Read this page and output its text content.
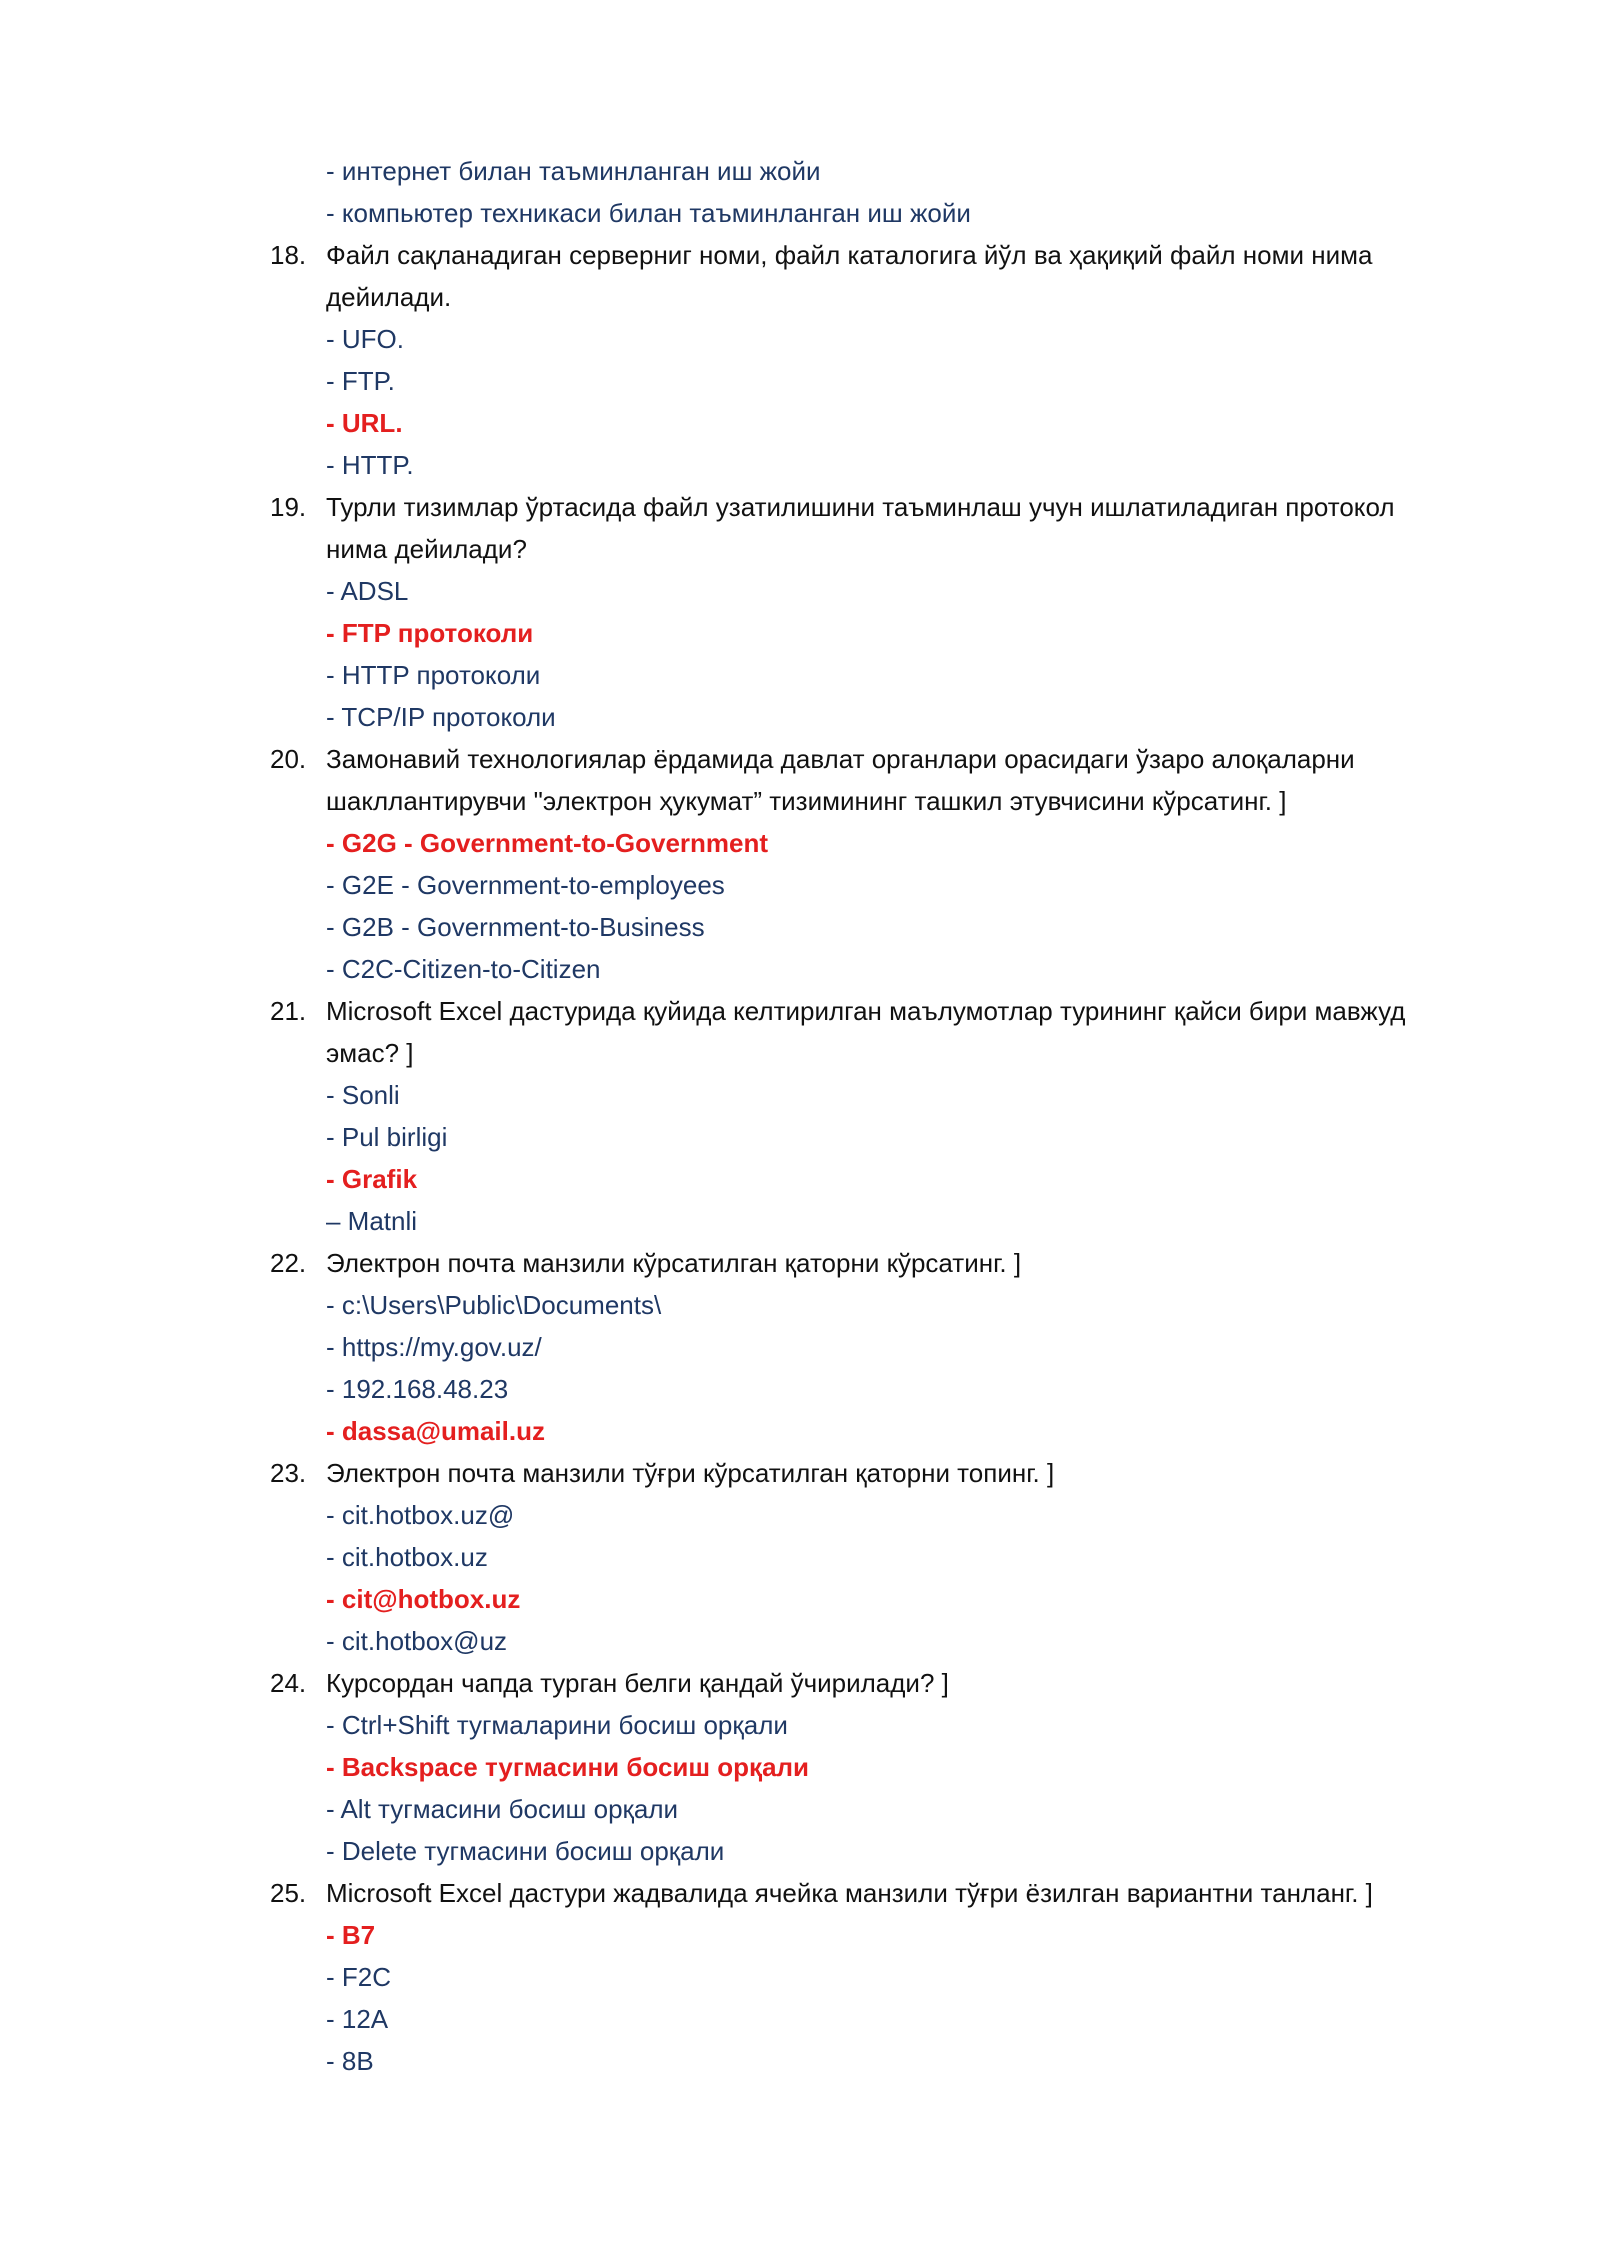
- интернет билан таъминланган иш жойи
- компьютер техникаси билан таъминланган иш жойи
18. Файл сақланадиган серверниг номи, файл каталогига йўл ва ҳақиқий файл номи нима
дейилади.
- UFO.
- FTP.
- URL.
- HTTP.
19. Турли тизимлар ўртасида файл узатилишини таъминлаш учун ишлатиладиган протокол
нима дейилади?
- ADSL
- FTP протоколи
- HTTP протоколи
- TCP/IP протоколи
20. Замонавий технологиялар ёрдамида давлат органлари орасидаги ўзаро алоқаларни
шакллантирувчи "электрон ҳукумат” тизимининг ташкил этувчисини кўрсатинг. ]
- G2G - Government-to-Government
- G2E - Government-to-employees
- G2B - Government-to-Business
- C2C-Citizen-to-Citizen
21. Microsoft Excel дастурида қуйида келтирилган маълумотлар турининг қайси бири мавжуд
эмас? ]
- Sonli
- Pul birligi
- Grafik
– Matnli
22. Электрон почта манзили кўрсатилган қаторни кўрсатинг. ]
- c:\Users\Public\Documents\
- https://my.gov.uz/
- 192.168.48.23
- dassa@umail.uz
23. Электрон почта манзили тўғри кўрсатилган қаторни топинг. ]
- cit.hotbox.uz@
- cit.hotbox.uz
- cit@hotbox.uz
- cit.hotbox@uz
24. Курсордан чапда турган белги қандай ўчирилади? ]
- Ctrl+Shift тугмаларини босиш орқали
- Backspace тугмасини босиш орқали
- Alt тугмасини босиш орқали
- Delete тугмасини босиш орқали
25. Microsoft Excel дастури жадвалида ячейка манзили тўғри ёзилган вариантни танланг. ]
- B7
- F2C
- 12A
- 8B
